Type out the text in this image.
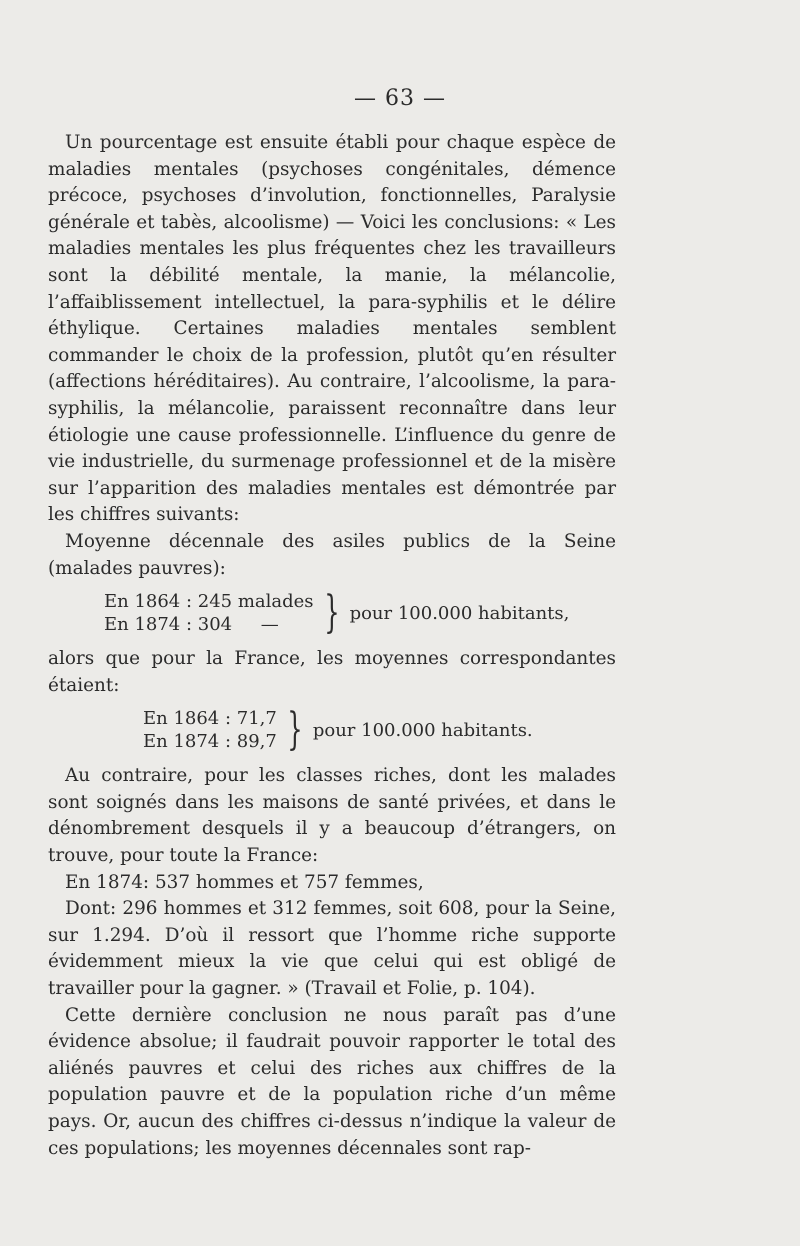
— 63 —

Un pourcentage est ensuite établi pour chaque espèce de maladies mentales (psychoses congénitales, démence précoce, psychoses d’involution, fonctionnelles, Paralysie générale et tabès, alcoolisme) — Voici les conclusions: « Les maladies mentales les plus fréquentes chez les travailleurs sont la débilité mentale, la manie, la mélancolie, l’affaiblissement intellectuel, la para-syphilis et le délire éthylique. Certaines maladies mentales semblent commander le choix de la profession, plutôt qu’en résulter (affections héréditaires). Au contraire, l’alcoolisme, la para-syphilis, la mélancolie, paraissent reconnaître dans leur étiologie une cause professionnelle. L’influence du genre de vie industrielle, du surmenage professionnel et de la misère sur l’apparition des maladies mentales est démontrée par les chiffres suivants:

Moyenne décennale des asiles publics de la Seine (malades pauvres):

En 1864 : 245 malades
En 1874 : 304     —	} pour 100.000 habitants,

alors que pour la France, les moyennes correspondantes étaient:

En 1864 : 71,7
En 1874 : 89,7 } pour 100.000 habitants.

Au contraire, pour les classes riches, dont les malades sont soignés dans les maisons de santé privées, et dans le dénombrement desquels il y a beaucoup d’étrangers, on trouve, pour toute la France:

En 1874: 537 hommes et 757 femmes,

Dont: 296 hommes et 312 femmes, soit 608, pour la Seine, sur 1.294. D’où il ressort que l’homme riche supporte évidemment mieux la vie que celui qui est obligé de travailler pour la gagner. » (Travail et Folie, p. 104).

Cette dernière conclusion ne nous paraît pas d’une évidence absolue; il faudrait pouvoir rapporter le total des aliénés pauvres et celui des riches aux chiffres de la population pauvre et de la population riche d’un même pays. Or, aucun des chiffres ci-dessus n’indique la valeur de ces populations; les moyennes décennales sont rap-
